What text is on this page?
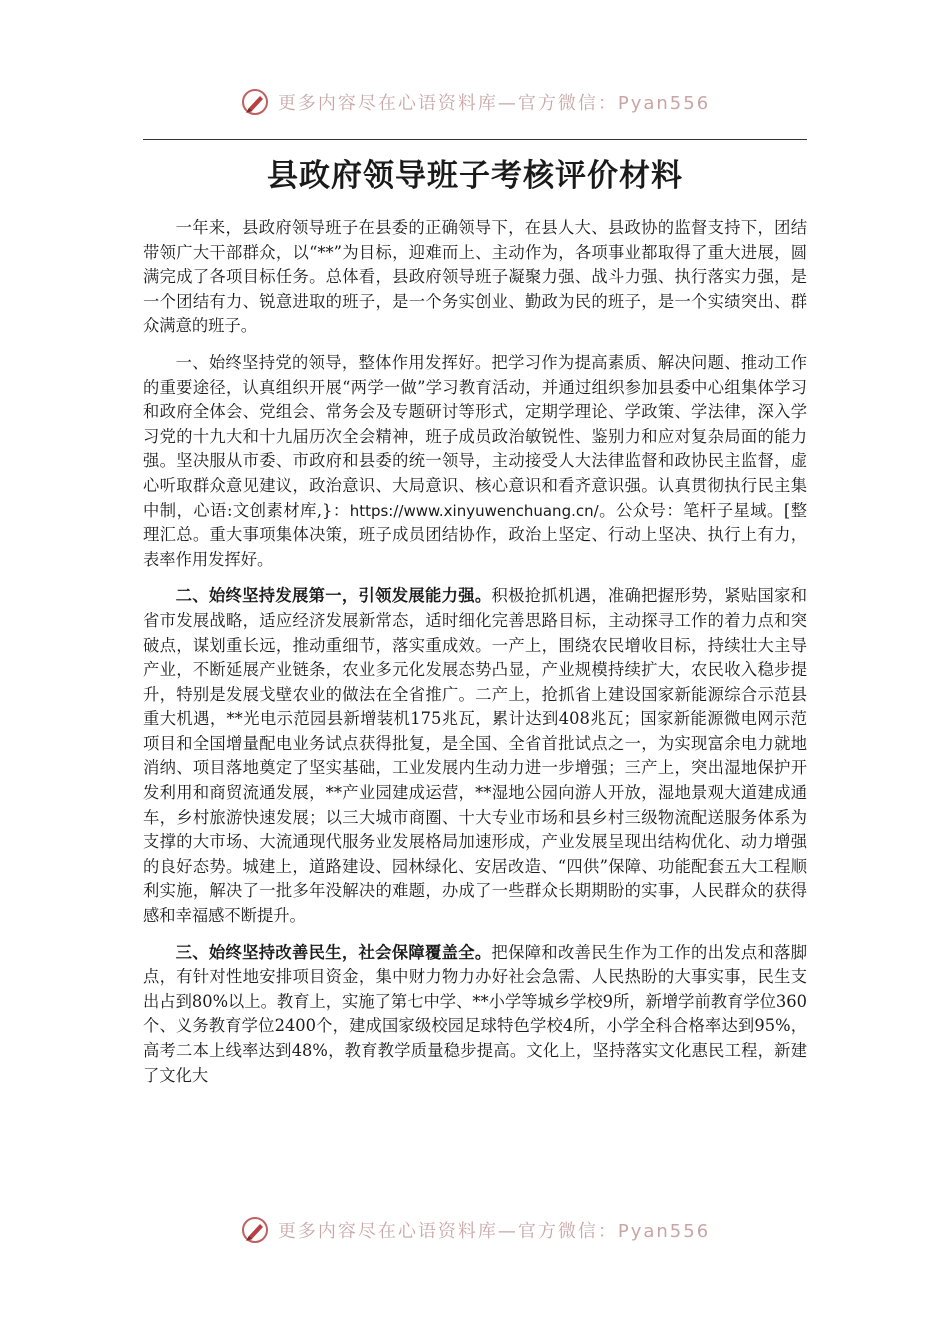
更多内容尽在心语资料库—官方微信：Pyan556
县政府领导班子考核评价材料

一年来，县政府领导班子在县委的正确领导下，在县人大、县政协的监督支持下，团结带领广大干部群众，以“**”为目标，迎难而上、主动作为，各项事业都取得了重大进展，圆满完成了各项目标任务。总体看，县政府领导班子凝聚力强、战斗力强、执行落实力强，是一个团结有力、锐意进取的班子，是一个务实创业、勤政为民的班子，是一个实绩突出、群众满意的班子。

一、始终坚持党的领导，整体作用发挥好。把学习作为提高素质、解决问题、推动工作的重要途径，认真组织开展“两学一做”学习教育活动，并通过组织参加县委中心组集体学习和政府全体会、党组会、常务会及专题研讨等形式，定期学理论、学政策、学法律，深入学习党的十九大和十九届历次全会精神，班子成员政治敏锐性、鉴别力和应对复杂局面的能力强。坚决服从市委、市政府和县委的统一领导，主动接受人大法律监督和政协民主监督，虚心听取群众意见建议，政治意识、大局意识、核心意识和看齐意识强。认真贯彻执行民主集中制，心语:文创素材库,}：https://www.xinyuwenchuang.cn/。公众号：笔杆子星域。[整理汇总。重大事项集体决策，班子成员团结协作，政治上坚定、行动上坚决、执行上有力，表率作用发挥好。

二、始终坚持发展第一，引领发展能力强。积极抢抓机遇，准确把握形势，紧贴国家和省市发展战略，适应经济发展新常态，适时细化完善思路目标，主动探寻工作的着力点和突破点，谋划重长远，推动重细节，落实重成效。一产上，围绕农民增收目标，持续壮大主导产业，不断延展产业链条，农业多元化发展态势凸显，产业规模持续扩大，农民收入稳步提升，特别是发展戈壁农业的做法在全省推广。二产上，抢抓省上建设国家新能源综合示范县重大机遇，**光电示范园县新增装机175兆瓦，累计达到408兆瓦；国家新能源微电网示范项目和全国增量配电业务试点获得批复，是全国、全省首批试点之一，为实现富余电力就地消纳、项目落地奠定了坚实基础，工业发展内生动力进一步增强；三产上，突出湿地保护开发利用和商贸流通发展，**产业园建成运营，**湿地公园向游人开放，湿地景观大道建成通车，乡村旅游快速发展；以三大城市商圈、十大专业市场和县乡村三级物流配送服务体系为支撑的大市场、大流通现代服务业发展格局加速形成，产业发展呈现出结构优化、动力增强的良好态势。城建上，道路建设、园林绿化、安居改造、“四供”保障、功能配套五大工程顺利实施，解决了一批多年没解决的难题，办成了一些群众长期期盼的实事，人民群众的获得感和幸福感不断提升。

三、始终坚持改善民生，社会保障覆盖全。把保障和改善民生作为工作的出发点和落脚点，有针对性地安排项目资金，集中财力物力办好社会急需、人民热盼的大事实事，民生支出占到80%以上。教育上，实施了第七中学、**小学等城乡学校9所，新增学前教育学位360个、义务教育学位2400个，建成国家级校园足球特色学校4所，小学全科合格率达到95%，高考二本上线率达到48%，教育教学质量稳步提高。文化上，坚持落实文化惠民工程，新建了文化大

更多内容尽在心语资料库—官方微信：Pyan556
